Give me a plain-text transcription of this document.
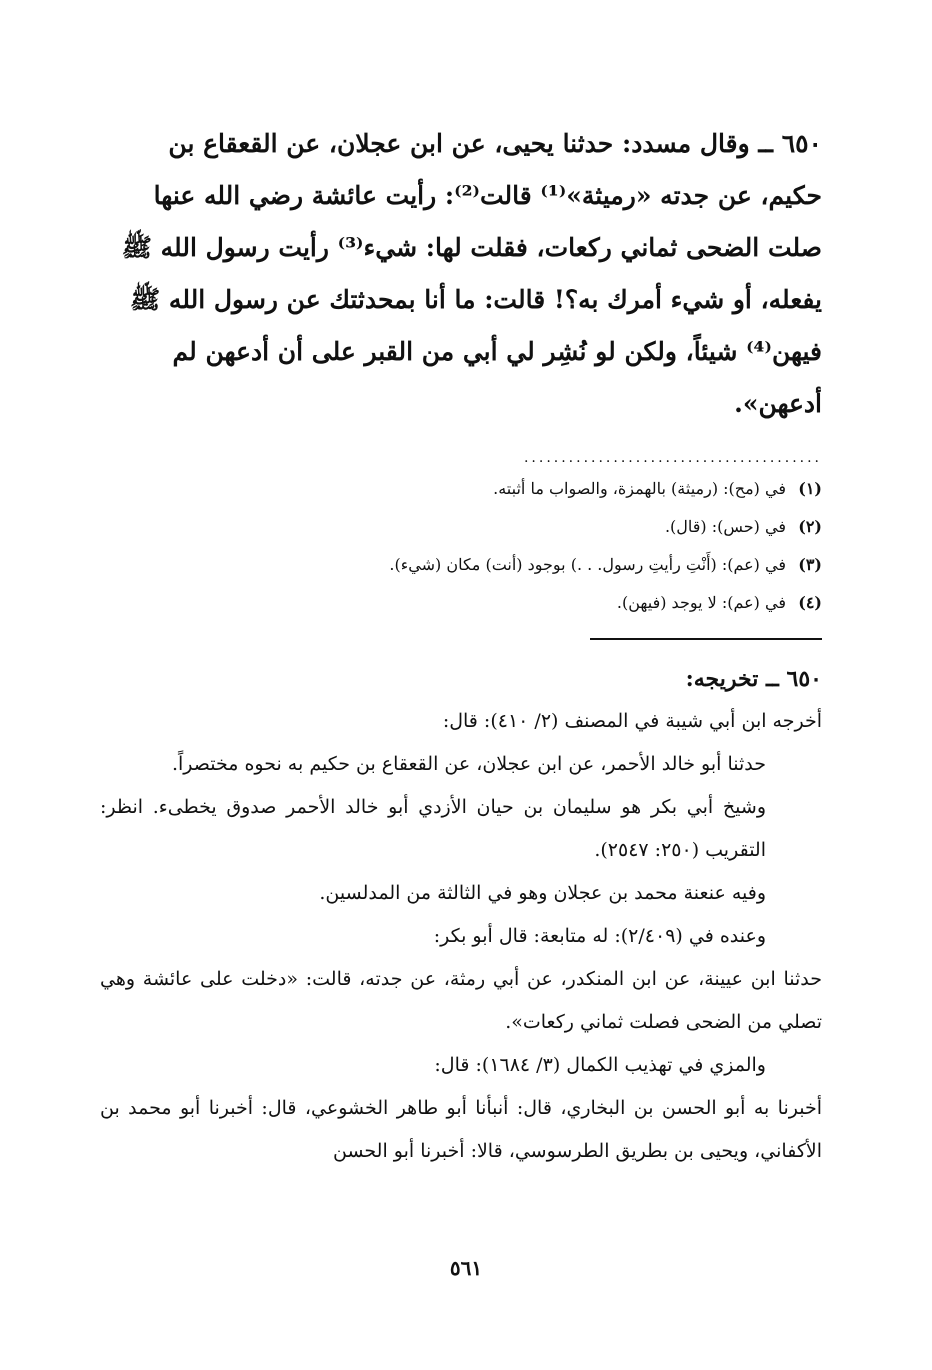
٦٥٠ ــ وقال مسدد: حدثنا يحيى، عن ابن عجلان، عن القعقاع بن حكيم، عن جدته «رميثة»⁽¹⁾ قالت⁽²⁾: رأيت عائشة رضي الله عنها صلت الضحى ثماني ركعات، فقلت لها: شيء⁽³⁾ رأيت رسول الله ﷺ يفعله، أو شيء أمرك به؟! قالت: ما أنا بمحدثتك عن رسول الله ﷺ فيهن⁽⁴⁾ شيئاً، ولكن لو نُشِر لي أبي من القبر على أن أدعهن لم أدعهن».

........................................

(١)في (مح): (رميثة) بالهمزة، والصواب ما أثبته.

(٢)في (حس): (قال).

(٣)في (عم): (أَنْتِ رأيتِ رسول. . .) بوجود (أنت) مكان (شيء).

(٤)في (عم): لا يوجد (فيهن).

٦٥٠ ــ تخريجه:

أخرجه ابن أبي شيبة في المصنف (٢/ ٤١٠): قال:

حدثنا أبو خالد الأحمر، عن ابن عجلان، عن القعقاع بن حكيم به نحوه مختصراً.

وشيخ أبي بكر هو سليمان بن حيان الأزدي أبو خالد الأحمر صدوق يخطىء. انظر: التقريب (٢٥٠: ٢٥٤٧).

وفيه عنعنة محمد بن عجلان وهو في الثالثة من المدلسين.

وعنده في (٢/٤٠٩): له متابعة: قال أبو بكر:

حدثنا ابن عيينة، عن ابن المنكدر، عن أبي رمثة، عن جدته، قالت: «دخلت على عائشة وهي تصلي من الضحى فصلت ثماني ركعات».

والمزي في تهذيب الكمال (٣/ ١٦٨٤): قال:

أخبرنا به أبو الحسن بن البخاري، قال: أنبأنا أبو طاهر الخشوعي، قال: أخبرنا أبو محمد بن الأكفاني، ويحيى بن بطريق الطرسوسي، قالا: أخبرنا أبو الحسن

٥٦١
